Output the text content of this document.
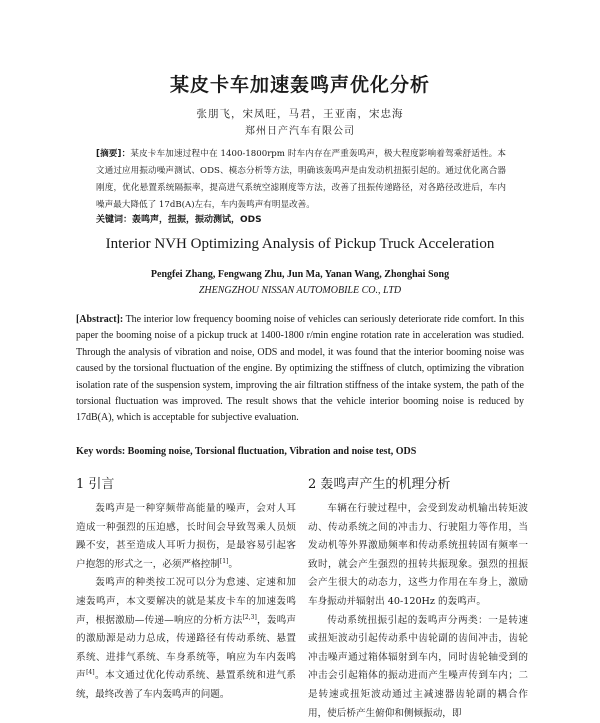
某皮卡车加速轰鸣声优化分析
张朋飞，宋凤旺，马君，王亚南，宋忠海
郑州日产汽车有限公司
[摘要]：某皮卡车加速过程中在 1400-1800rpm 时车内存在严重轰鸣声，极大程度影响着驾乘舒适性。本文通过应用振动噪声测试、ODS、模态分析等方法，明确该轰鸣声是由发动机扭振引起的。通过优化离合器刚度，优化悬置系统隔振率，提高进气系统空滤刚度等方法，改善了扭振传递路径，对各路径改进后，车内噪声最大降低了 17dB(A)左右，车内轰鸣声有明显改善。
关键词：轰鸣声，扭振，振动测试，ODS
Interior NVH Optimizing Analysis of Pickup Truck Acceleration
Pengfei Zhang, Fengwang Zhu, Jun Ma, Yanan Wang, Zhonghai Song
ZHENGZHOU NISSAN AUTOMOBILE CO., LTD
[Abstract]: The interior low frequency booming noise of vehicles can seriously deteriorate ride comfort. In this paper the booming noise of a pickup truck at 1400-1800 r/min engine rotation rate in acceleration was studied. Through the analysis of vibration and noise, ODS and model, it was found that the interior booming noise was caused by the torsional fluctuation of the engine. By optimizing the stiffness of clutch, optimizing the vibration isolation rate of the suspension system, improving the air filtration stiffness of the intake system, the path of the torsional fluctuation was improved. The result shows that the vehicle interior booming noise is reduced by 17dB(A), which is acceptable for subjective evaluation.
Key words: Booming noise, Torsional fluctuation, Vibration and noise test, ODS
1 引言	2 轰鸣声产生的机理分析

轰鸣声是一种穿频带高能量的噪声，会对人耳造成一种强烈的压迫感，长时间会导致驾乘人员烦躁不安，甚至造成人耳听力损伤，是最容易引起客户抱怨的形式之一，必须严格控制[1]。

轰鸣声的种类按工况可以分为怠速、定速和加速轰鸣声，本文要解决的就是某皮卡车的加速轰鸣声，根据激励—传递—响应的分析方法[2,3]，轰鸣声的激励源是动力总成，传递路径有传动系统、悬置系统、进排气系统、车身系统等，响应为车内轰鸣声[4]。本文通过优化传动系统、悬置系统和进气系统，最终改善了车内轰鸣声的问题。

车辆在行驶过程中，会受到发动机输出转矩波动、传动系统之间的冲击力、行驶阻力等作用，当发动机等外界激励频率和传动系统扭转固有频率一致时，就会产生强烈的扭转共振现象。强烈的扭振会产生很大的动态力，这些力作用在车身上，激励车身振动并辐射出 40-120Hz 的轰鸣声。

传动系统扭振引起的轰鸣声分两类：一是转速或扭矩波动引起传动系中齿轮副的齿间冲击，齿轮冲击噪声通过箱体辐射到车内，同时齿轮轴受到的冲击会引起箱体的振动进而产生噪声传到车内；二是转速或扭矩波动通过主减速器齿轮副的耦合作用，使后桥产生俯仰和侧倾振动，即
